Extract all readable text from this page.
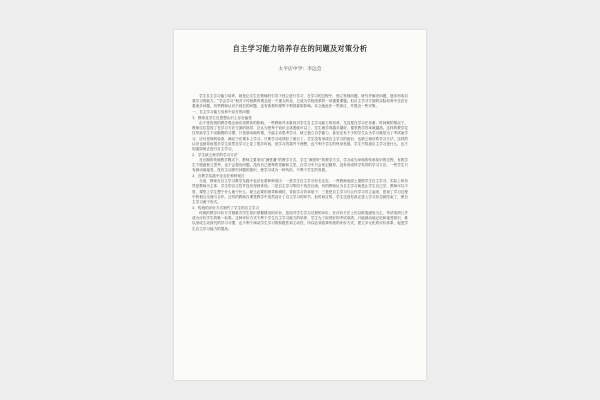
自主学习能力培养存在的问题及对策分析
太平店中学：李远会

学生自主学习能力培养，就是让学生在教师的引导下独立进行学习，在学习的过程中，独立发现问题、研究并解决问题，逐步形成自我学习的能力。“学会学习”相对于传统教育观念是一个重大转变，已成为学校改革的一项重要课题。但自主学习方面的实际培养中还存在着诸多问题，有些教师认识不到位的问题，也有客观环境等不利因素的影响。本文就此作一些探讨，并提出一些对策。

一、自主学习能力培养中存在的问题

1、教师及学生在思想认识上存在偏差

由于受传统的教学观念和应试教育的影响，一些教师并未重视对学生自主学习能力的培养，尤其是在学习任务重、时间紧的情况下，教师往往忽视了在学习方法方面的指导，总认为把每个知识点讲透就可以了，学生就学得越多越好，课堂教学效率就越高。这样的教学往往导致学生不动脑筋的习惯，只是被动地听课，不能主动思考学习，缺乏独立自学能力，甚至还有不少的学生认为学习就是为了考试而学习，应付老师的检查，满足于在课本上学习。只要学习成绩好了就行了。学生没有形成自主学习的意识，也缺乏相应的学习方法，这样的认识也就导致很多学生虽然在学习上花了很多时间，但学习效果并不理想，也不利于学生的终身发展。学生不知道自主学习是什么，也不知道如何去进行自主学习。

2、学生缺乏科学的学习方法

在长期的传统教学模式下，教师主要采用“满堂灌”的教学方式，学生“满堂听”的教学方式，学习成为单纯的传承知识的过程，有的学生不愿意独立思考，也不会提出问题，没有自己独特的见解和主见，在学习中只会死记硬背，没有形成科学有效的学习方法。一些学生只有被动地接受，没有主动探究问题的意识，使学习成为一种负担，不利于学生的发展。

3、在教学实践中还存在种种误区

当前，教师在自主学习教学实践中也存在着种种误区：一是学生自主学习有名无实，一些教师表面上提倡学生自主学习，实际上却仍然是教师为主体，学生的自主性并没有得到体现；二是自主学习等同于放任自流，有的教师认为自主学习就是让学生自己学，教师可以不管，课堂上学生想干什么就干什么，缺乏必要的指导和调控，导致学习效率低下；三是把自主学习与合作学习对立起来，忽视了学习过程中的相互交流与合作。还有的教师在课堂教学中虽然设计了自主学习的环节，但时间过短，学生还没有真正进入学习状态就结束了，使自主学习流于形式。

3、传统的评价方式制约了学生的自主学习

传统的教学评价方式侧重对学生知识掌握情况的评价，忽视对学生学习过程的评价，在评价方法上仍以纸笔测验为主，考试成绩几乎成为评价学生的唯一标准。这种评价方式不利于学生自主学习能力的培养，学生为了取得好的考试成绩，只能被动地记忆和接受知识，难以形成主动探究的学习习惯，也不利于调动学生学习的积极性和主动性，所以必须改革传统的评价方式，建立多元化的评价体系，促进学生自主学习能力的提高。
